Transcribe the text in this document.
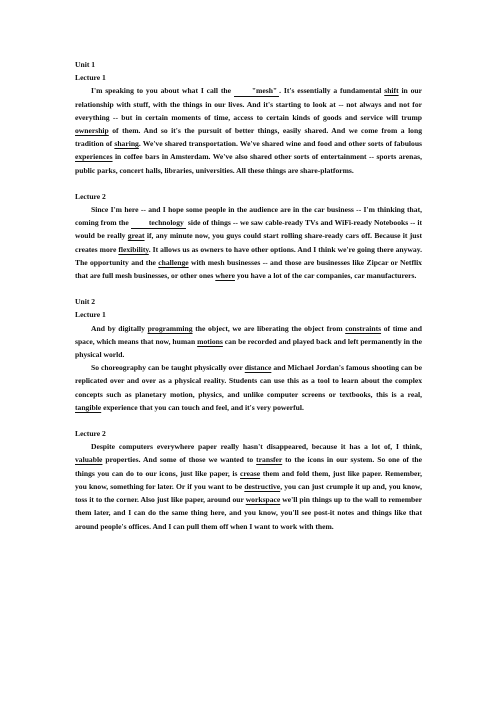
Unit 1
Lecture 1

I'm speaking to you about what I call the "mesh" . It's essentially a fundamental shift in our relationship with stuff, with the things in our lives. And it's starting to look at -- not always and not for everything -- but in certain moments of time, access to certain kinds of goods and service will trump ownership of them. And so it's the pursuit of better things, easily shared. And we come from a long tradition of sharing. We've shared transportation. We've shared wine and food and other sorts of fabulous experiences in coffee bars in Amsterdam. We've also shared other sorts of entertainment -- sports arenas, public parks, concert halls, libraries, universities. All these things are share-platforms.

Lecture 2

Since I'm here -- and I hope some people in the audience are in the car business -- I'm thinking that, coming from the technology side of things -- we saw cable-ready TVs and WiFi-ready Notebooks -- it would be really great if, any minute now, you guys could start rolling share-ready cars off. Because it just creates more flexibility. It allows us as owners to have other options. And I think we're going there anyway. The opportunity and the challenge with mesh businesses -- and those are businesses like Zipcar or Netflix that are full mesh businesses, or other ones where you have a lot of the car companies, car manufacturers.

Unit 2
Lecture 1

And by digitally programming the object, we are liberating the object from constraints of time and space, which means that now, human motions can be recorded and played back and left permanently in the physical world.

So choreography can be taught physically over distance and Michael Jordan's famous shooting can be replicated over and over as a physical reality. Students can use this as a tool to learn about the complex concepts such as planetary motion, physics, and unlike computer screens or textbooks, this is a real, tangible experience that you can touch and feel, and it's very powerful.

Lecture 2

Despite computers everywhere paper really hasn't disappeared, because it has a lot of, I think, valuable properties. And some of those we wanted to transfer to the icons in our system. So one of the things you can do to our icons, just like paper, is crease them and fold them, just like paper. Remember, you know, something for later. Or if you want to be destructive, you can just crumple it up and, you know, toss it to the corner. Also just like paper, around our workspace we'll pin things up to the wall to remember them later, and I can do the same thing here, and you know, you'll see post-it notes and things like that around people's offices. And I can pull them off when I want to work with them.
